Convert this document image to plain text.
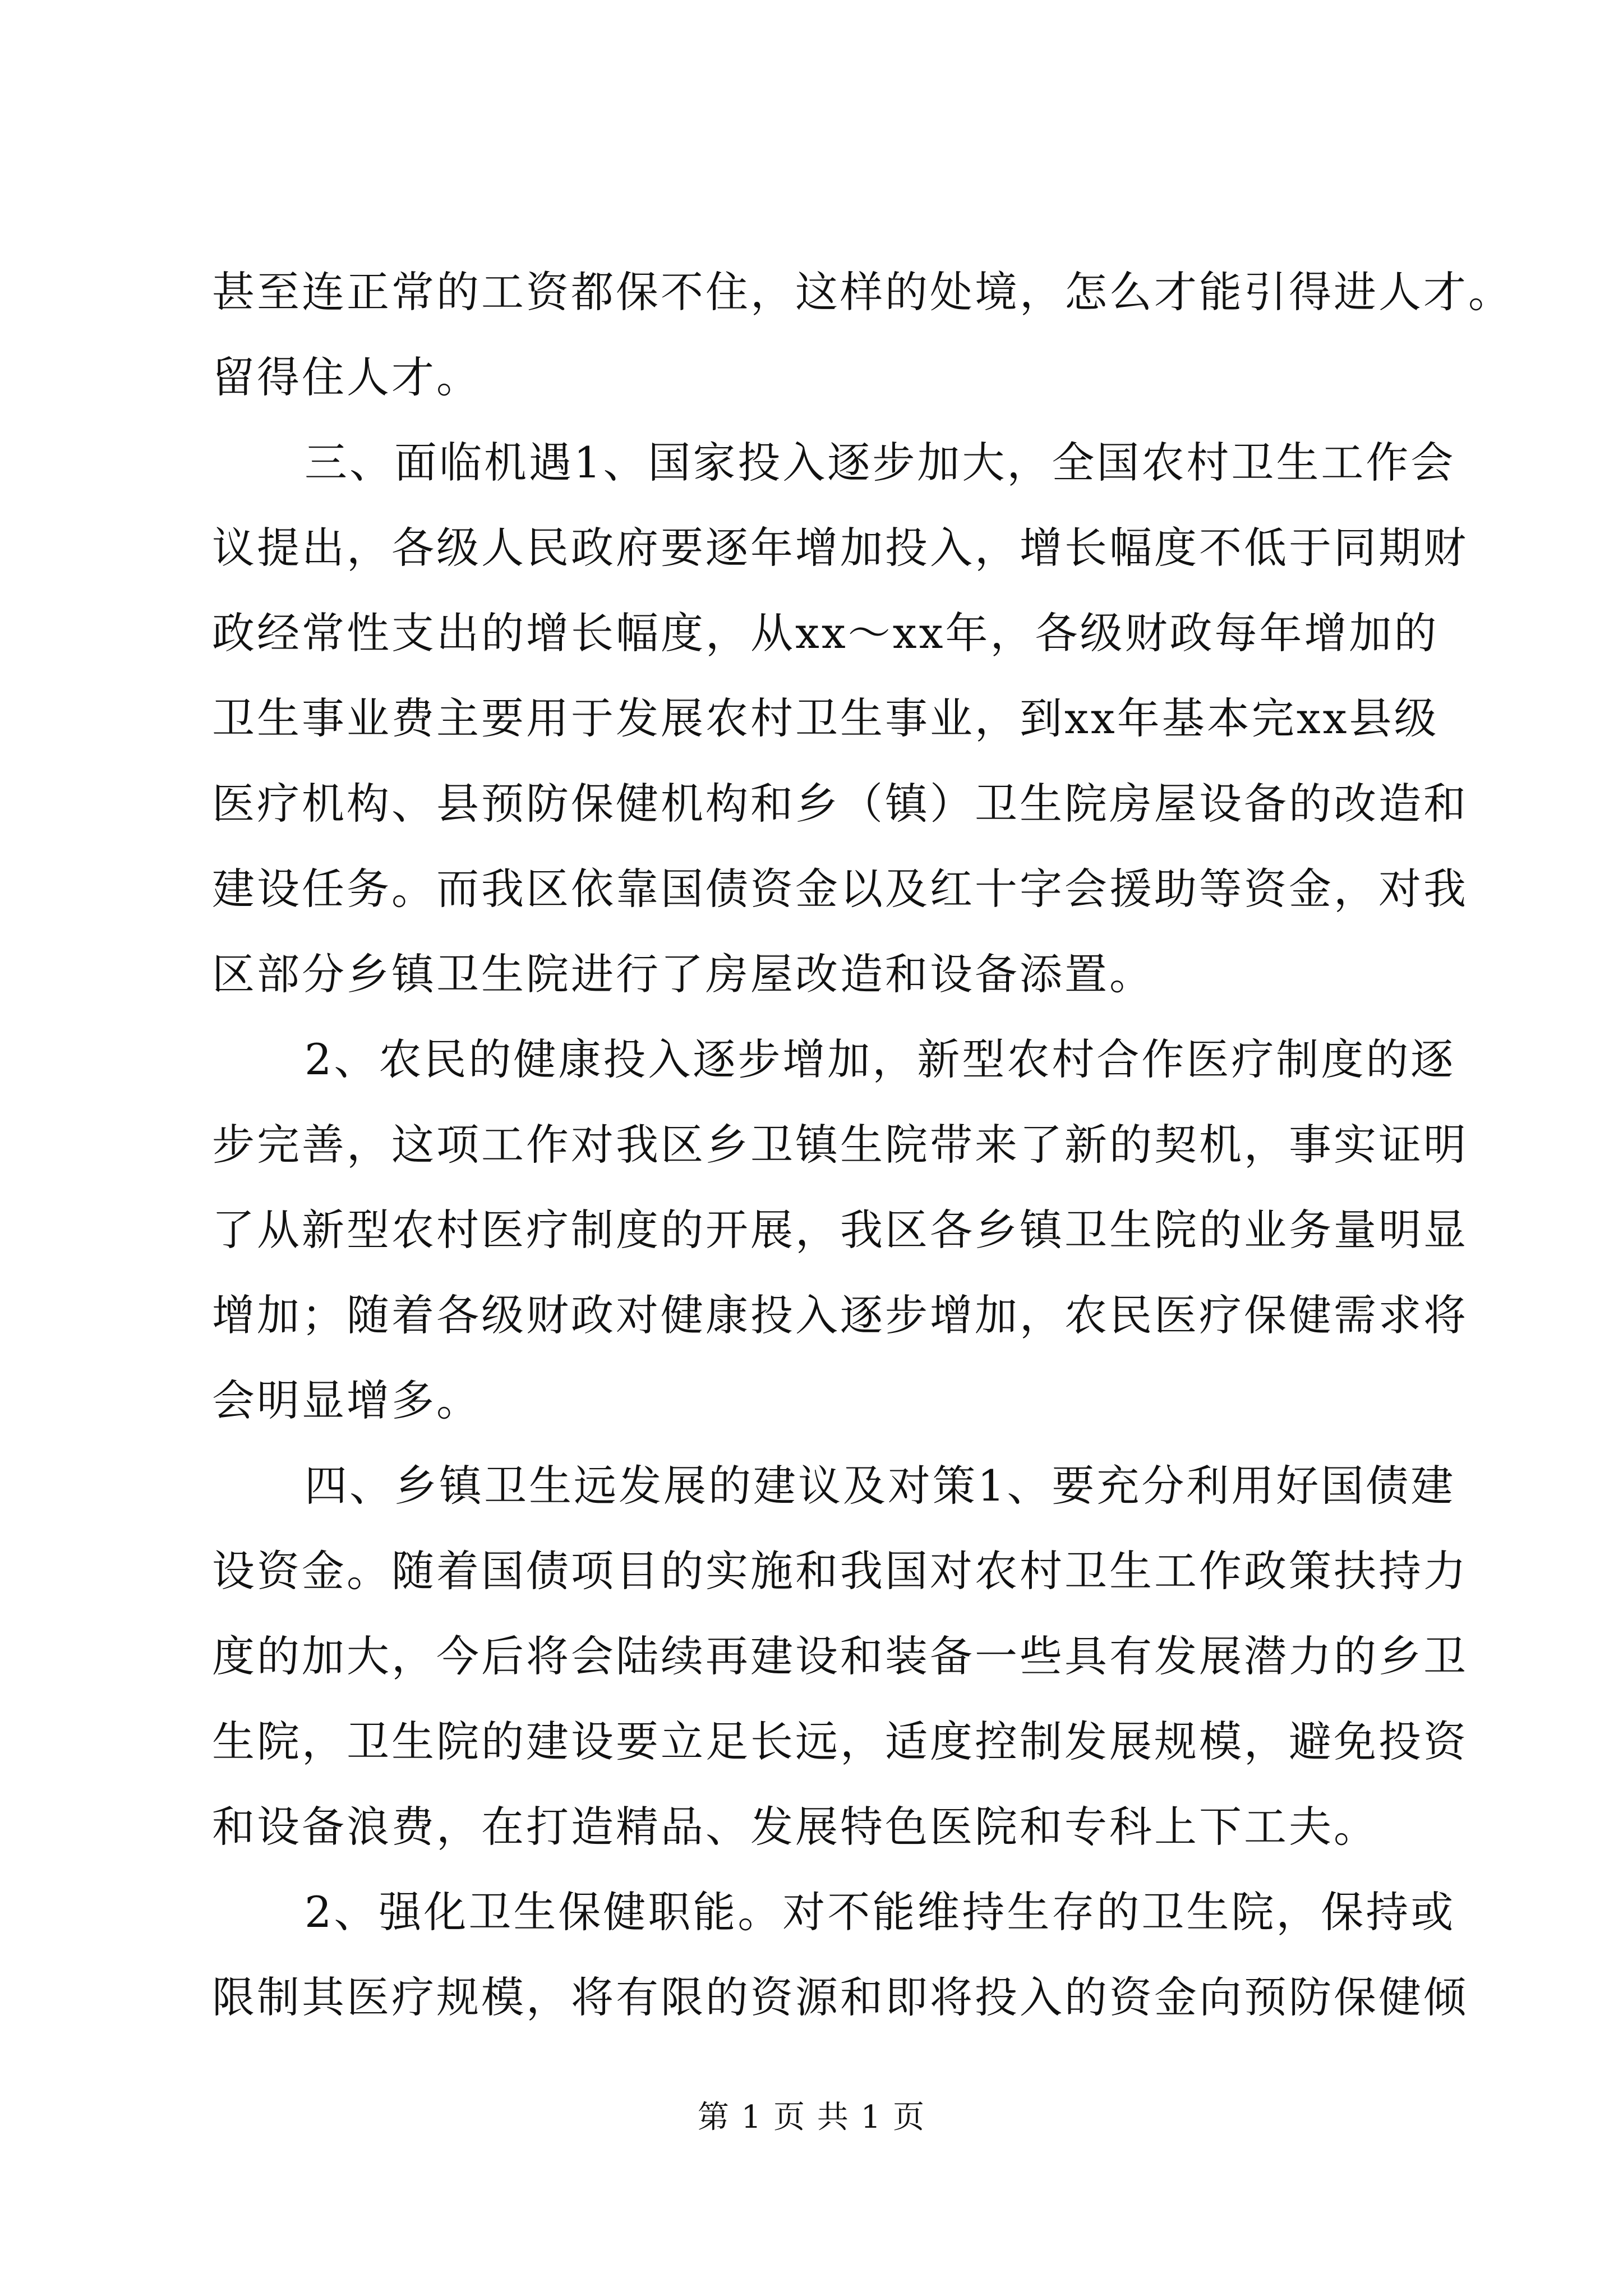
甚至连正常的工资都保不住，这样的处境，怎么才能引得进人才。
留得住人才。
三、面临机遇1、国家投入逐步加大，全国农村卫生工作会
议提出，各级人民政府要逐年增加投入，增长幅度不低于同期财
政经常性支出的增长幅度，从xx～xx年，各级财政每年增加的
卫生事业费主要用于发展农村卫生事业，到xx年基本完xx县级
医疗机构、县预防保健机构和乡（镇）卫生院房屋设备的改造和
建设任务。而我区依靠国债资金以及红十字会援助等资金，对我
区部分乡镇卫生院进行了房屋改造和设备添置。
2、农民的健康投入逐步增加，新型农村合作医疗制度的逐
步完善，这项工作对我区乡卫镇生院带来了新的契机，事实证明
了从新型农村医疗制度的开展，我区各乡镇卫生院的业务量明显
增加；随着各级财政对健康投入逐步增加，农民医疗保健需求将
会明显增多。
四、乡镇卫生远发展的建议及对策1、要充分利用好国债建
设资金。随着国债项目的实施和我国对农村卫生工作政策扶持力
度的加大，今后将会陆续再建设和装备一些具有发展潜力的乡卫
生院，卫生院的建设要立足长远，适度控制发展规模，避免投资
和设备浪费，在打造精品、发展特色医院和专科上下工夫。
2、强化卫生保健职能。对不能维持生存的卫生院，保持或
限制其医疗规模，将有限的资源和即将投入的资金向预防保健倾
第 1 页 共 1 页
